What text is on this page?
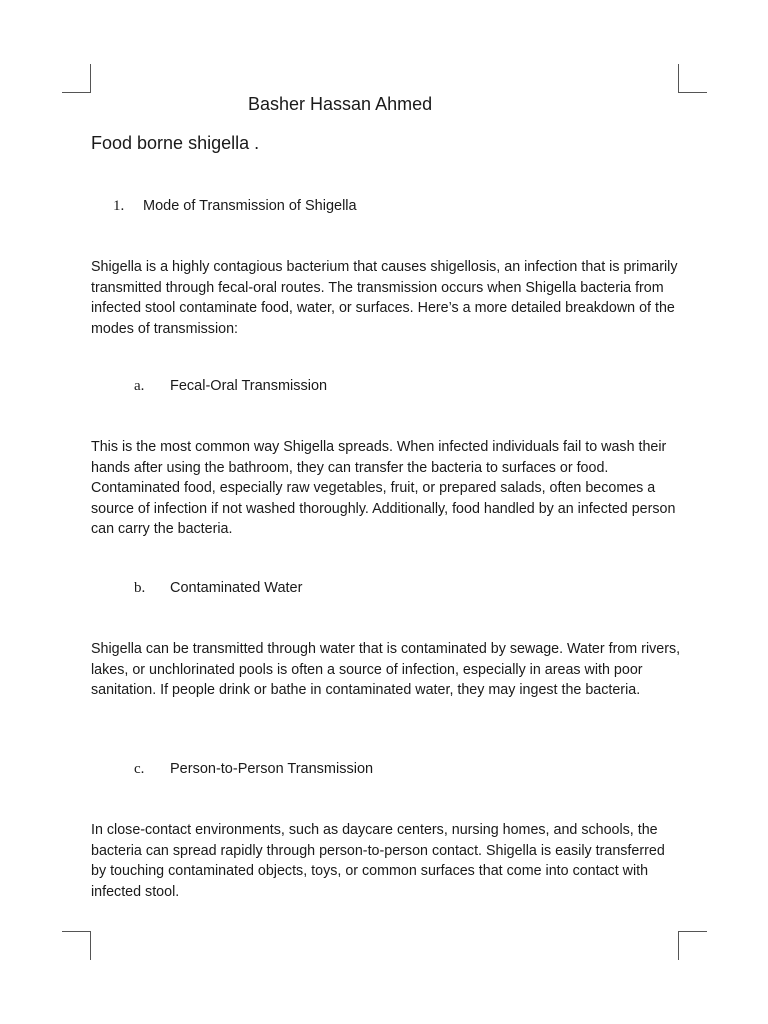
Basher Hassan Ahmed
Food borne shigella .
1. Mode of Transmission of Shigella

Shigella is a highly contagious bacterium that causes shigellosis, an infection that is primarily transmitted through fecal-oral routes. The transmission occurs when Shigella bacteria from infected stool contaminate food, water, or surfaces. Here’s a more detailed breakdown of the modes of transmission:

a. Fecal-Oral Transmission

This is the most common way Shigella spreads. When infected individuals fail to wash their hands after using the bathroom, they can transfer the bacteria to surfaces or food. Contaminated food, especially raw vegetables, fruit, or prepared salads, often becomes a source of infection if not washed thoroughly. Additionally, food handled by an infected person can carry the bacteria.

b. Contaminated Water

Shigella can be transmitted through water that is contaminated by sewage. Water from rivers, lakes, or unchlorinated pools is often a source of infection, especially in areas with poor sanitation. If people drink or bathe in contaminated water, they may ingest the bacteria.

c. Person-to-Person Transmission

In close-contact environments, such as daycare centers, nursing homes, and schools, the bacteria can spread rapidly through person-to-person contact. Shigella is easily transferred by touching contaminated objects, toys, or common surfaces that come into contact with infected stool.
